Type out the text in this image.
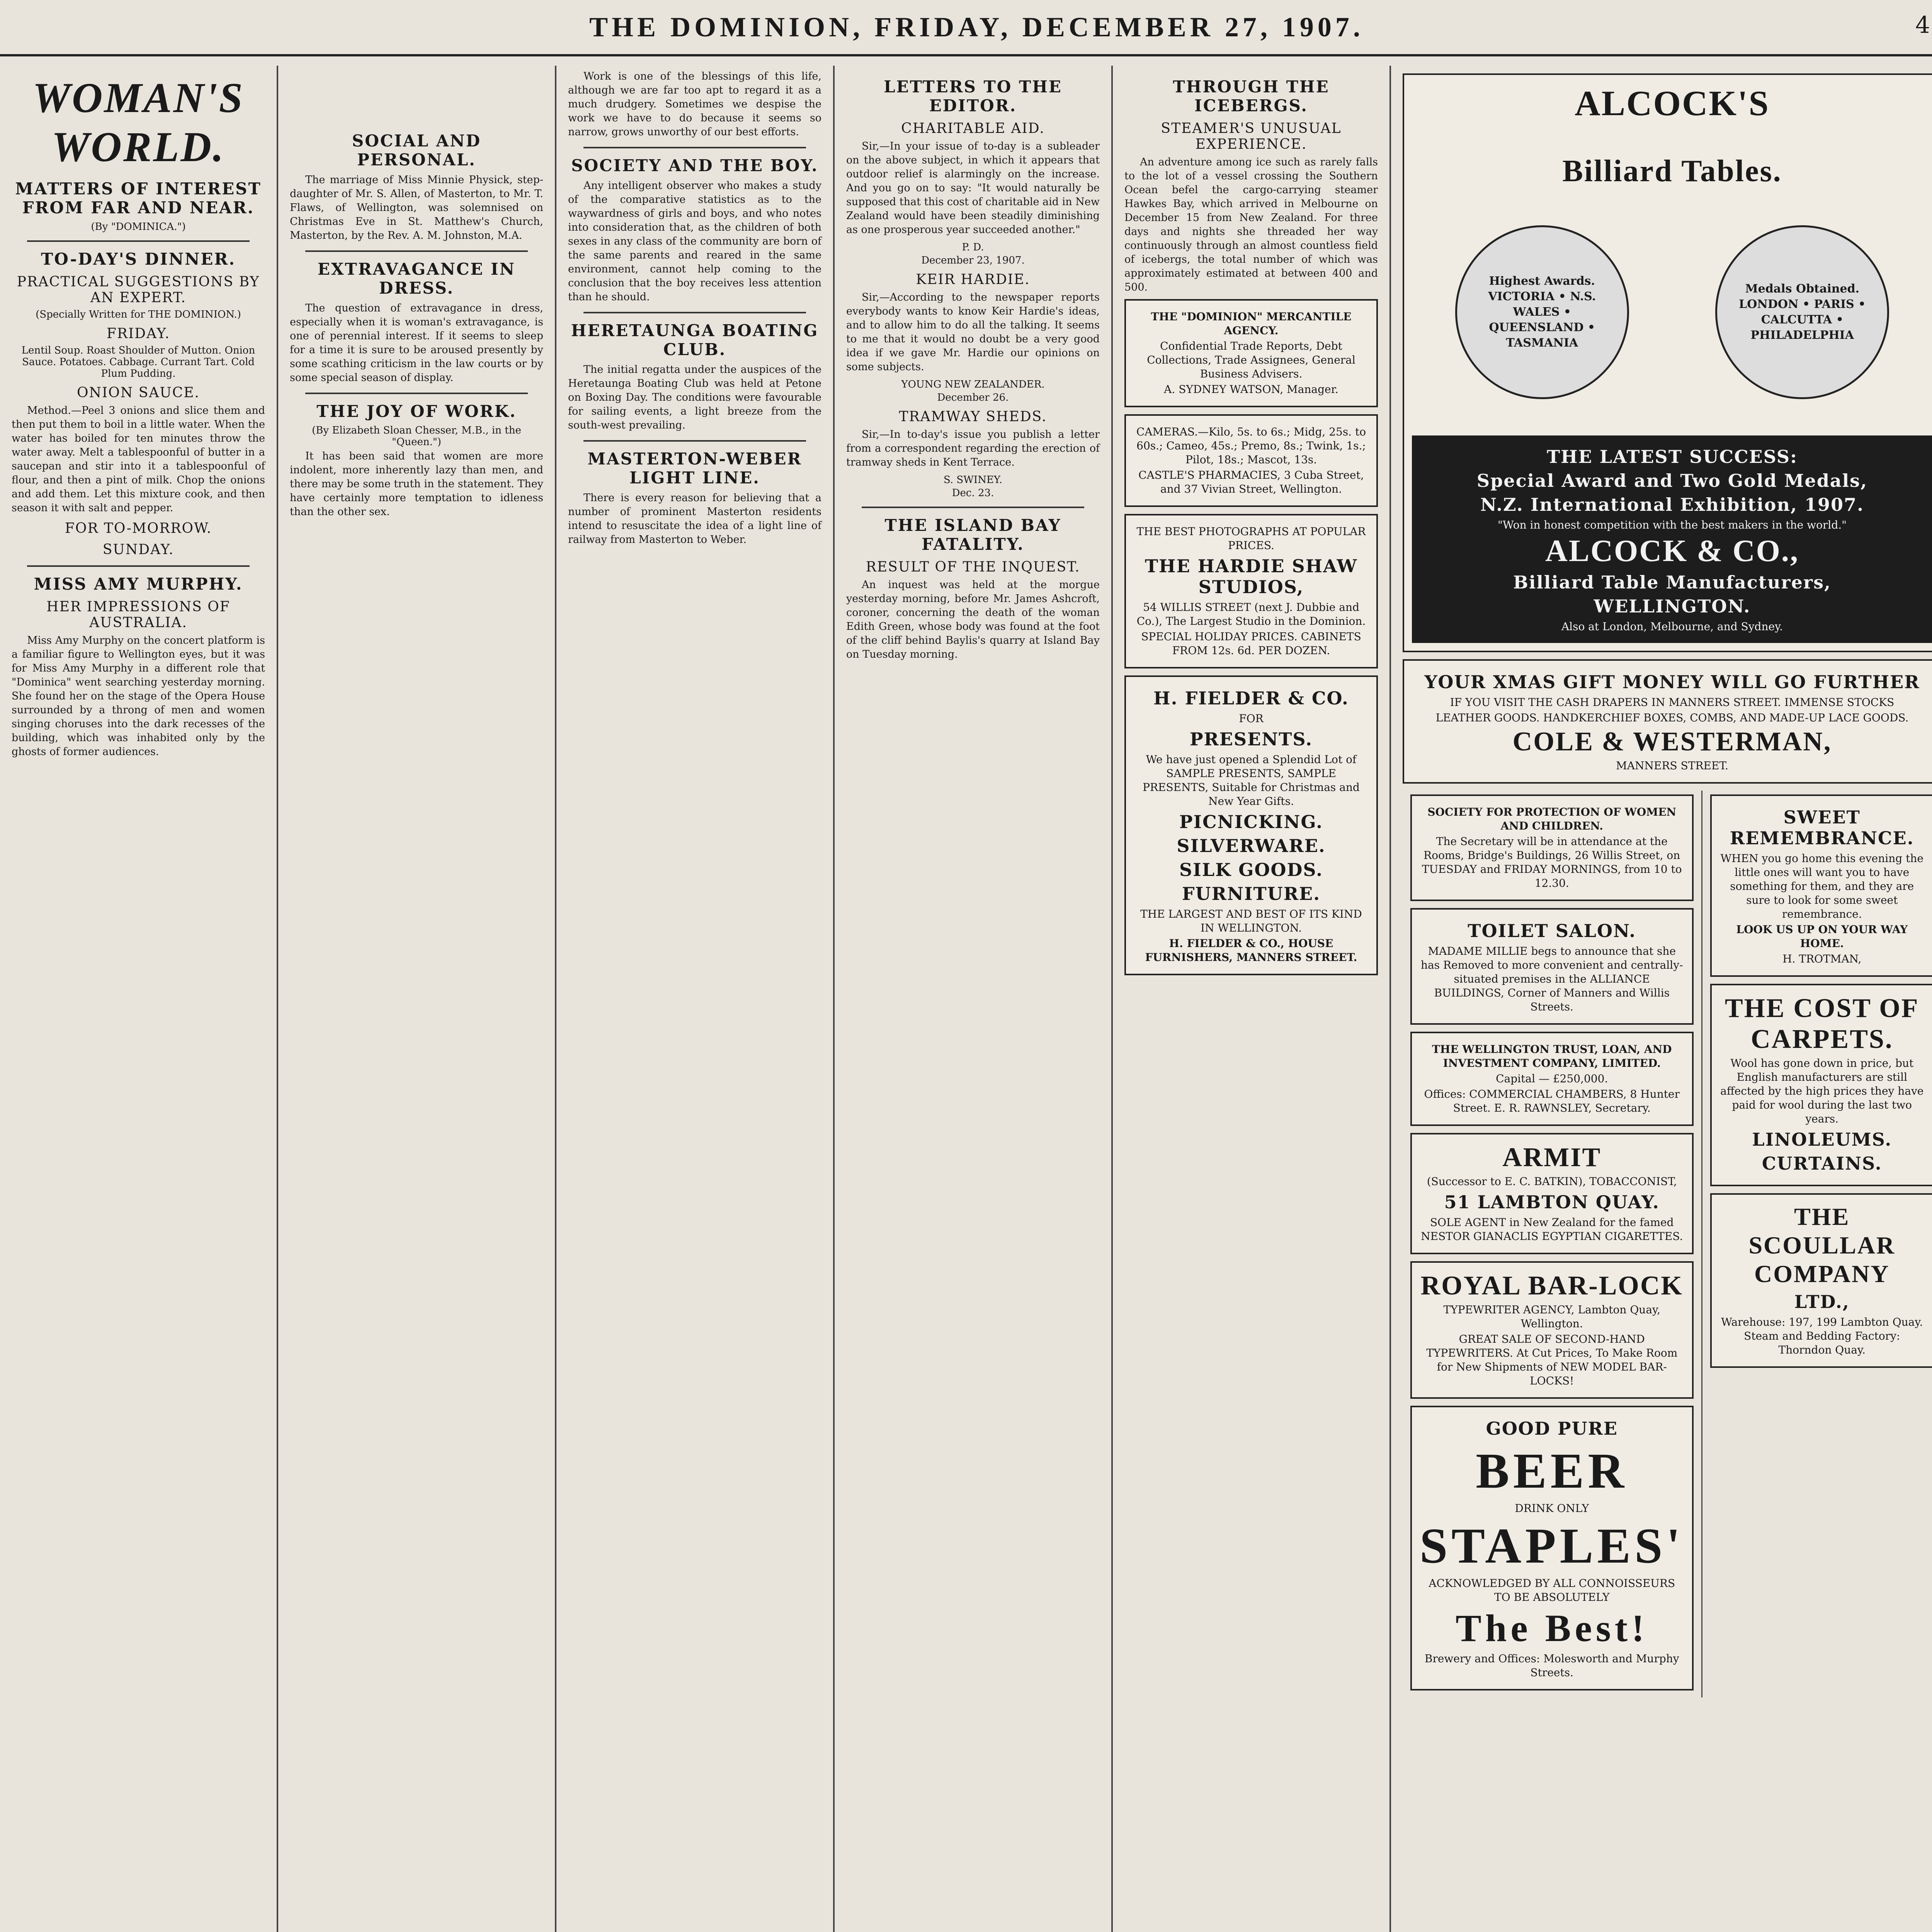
THE DOMINION, FRIDAY, DECEMBER 27, 1907.	4
WOMAN'S WORLD.
MATTERS OF INTEREST FROM FAR AND NEAR.
(By "DOMINICA.")
TO-DAY'S DINNER.
PRACTICAL SUGGESTIONS BY AN EXPERT.
(Specially Written for THE DOMINION.)
FRIDAY.
Lentil Soup. Roast Shoulder of Mutton. Onion Sauce. Potatoes. Cabbage. Currant Tart. Cold Plum Pudding.
ONION SAUCE.

Method.—Peel 3 onions and slice them and then put them to boil in a little water. When the water has boiled for ten minutes throw the water away. Melt a tablespoonful of butter in a saucepan and stir into it a tablespoonful of flour, and then a pint of milk. Chop the onions and add them. Let this mixture cook, and then season it with salt and pepper.

FOR TO-MORROW.
SUNDAY.
MISS AMY MURPHY.
HER IMPRESSIONS OF AUSTRALIA.

Miss Amy Murphy on the concert platform is a familiar figure to Wellington eyes, but it was for Miss Amy Murphy in a different role that "Dominica" went searching yesterday morning. She found her on the stage of the Opera House surrounded by a throng of men and women singing choruses into the dark recesses of the building, which was inhabited only by the ghosts of former audiences.

SOCIAL AND PERSONAL.

The marriage of Miss Minnie Physick, step-daughter of Mr. S. Allen, of Masterton, to Mr. T. Flaws, of Wellington, was solemnised on Christmas Eve in St. Matthew's Church, Masterton, by the Rev. A. M. Johnston, M.A.

EXTRAVAGANCE IN DRESS.

The question of extravagance in dress, especially when it is woman's extravagance, is one of perennial interest. If it seems to sleep for a time it is sure to be aroused presently by some scathing criticism in the law courts or by some special season of display.

THE JOY OF WORK.
(By Elizabeth Sloan Chesser, M.B., in the "Queen.")

It has been said that women are more indolent, more inherently lazy than men, and there may be some truth in the statement. They have certainly more temptation to idleness than the other sex.

Work is one of the blessings of this life, although we are far too apt to regard it as a much drudgery. Sometimes we despise the work we have to do because it seems so narrow, grows unworthy of our best efforts.

SOCIETY AND THE BOY.

Any intelligent observer who makes a study of the comparative statistics as to the waywardness of girls and boys, and who notes into consideration that, as the children of both sexes in any class of the community are born of the same parents and reared in the same environment, cannot help coming to the conclusion that the boy receives less attention than he should.

HERETAUNGA BOATING CLUB.

The initial regatta under the auspices of the Heretaunga Boating Club was held at Petone on Boxing Day. The conditions were favourable for sailing events, a light breeze from the south-west prevailing.

MASTERTON-WEBER LIGHT LINE.

There is every reason for believing that a number of prominent Masterton residents intend to resuscitate the idea of a light line of railway from Masterton to Weber.

LETTERS TO THE EDITOR.
CHARITABLE AID.

Sir,—In your issue of to-day is a subleader on the above subject, in which it appears that outdoor relief is alarmingly on the increase. And you go on to say: "It would naturally be supposed that this cost of charitable aid in New Zealand would have been steadily diminishing as one prosperous year succeeded another."

P. D.
December 23, 1907.
KEIR HARDIE.

Sir,—According to the newspaper reports everybody wants to know Keir Hardie's ideas, and to allow him to do all the talking. It seems to me that it would no doubt be a very good idea if we gave Mr. Hardie our opinions on some subjects.

YOUNG NEW ZEALANDER.
December 26.
TRAMWAY SHEDS.

Sir,—In to-day's issue you publish a letter from a correspondent regarding the erection of tramway sheds in Kent Terrace.

S. SWINEY.
Dec. 23.
THE ISLAND BAY FATALITY.
RESULT OF THE INQUEST.

An inquest was held at the morgue yesterday morning, before Mr. James Ashcroft, coroner, concerning the death of the woman Edith Green, whose body was found at the foot of the cliff behind Baylis's quarry at Island Bay on Tuesday morning.

THROUGH THE ICEBERGS.
STEAMER'S UNUSUAL EXPERIENCE.

An adventure among ice such as rarely falls to the lot of a vessel crossing the Southern Ocean befel the cargo-carrying steamer Hawkes Bay, which arrived in Melbourne on December 15 from New Zealand. For three days and nights she threaded her way continuously through an almost countless field of icebergs, the total number of which was approximately estimated at between 400 and 500.

THE "DOMINION" MERCANTILE AGENCY.
Confidential Trade Reports, Debt Collections, Trade Assignees, General Business Advisers.
A. SYDNEY WATSON, Manager.
CAMERAS.—Kilo, 5s. to 6s.; Midg, 25s. to 60s.; Cameo, 45s.; Premo, 8s.; Twink, 1s.; Pilot, 18s.; Mascot, 13s.
CASTLE'S PHARMACIES, 3 Cuba Street, and 37 Vivian Street, Wellington.
THE BEST PHOTOGRAPHS AT POPULAR PRICES.
THE HARDIE SHAW STUDIOS,
54 WILLIS STREET (next J. Dubbie and Co.), The Largest Studio in the Dominion.
SPECIAL HOLIDAY PRICES. CABINETS FROM 12s. 6d. PER DOZEN.
H. FIELDER & CO.
FOR
PRESENTS.
We have just opened a Splendid Lot of SAMPLE PRESENTS, SAMPLE PRESENTS, Suitable for Christmas and New Year Gifts.
PICNICKING.
SILVERWARE.
SILK GOODS.
FURNITURE.
THE LARGEST AND BEST OF ITS KIND IN WELLINGTON.
H. FIELDER & CO., HOUSE FURNISHERS, MANNERS STREET.
ALCOCK'S
Billiard Tables.
Highest Awards.
VICTORIA • N.S. WALES • QUEENSLAND • TASMANIA
Medals Obtained.
LONDON • PARIS • CALCUTTA • PHILADELPHIA
THE LATEST SUCCESS:
Special Award and Two Gold Medals,
N.Z. International Exhibition, 1907.
"Won in honest competition with the best makers in the world."
ALCOCK & CO.,
Billiard Table Manufacturers,
WELLINGTON.
Also at London, Melbourne, and Sydney.
YOUR XMAS GIFT MONEY WILL GO FURTHER
IF YOU VISIT THE CASH DRAPERS IN MANNERS STREET. IMMENSE STOCKS
LEATHER GOODS. HANDKERCHIEF BOXES, COMBS, AND MADE-UP LACE GOODS.
COLE & WESTERMAN,
MANNERS STREET.
SOCIETY FOR PROTECTION OF WOMEN AND CHILDREN.
The Secretary will be in attendance at the Rooms, Bridge's Buildings, 26 Willis Street, on TUESDAY and FRIDAY MORNINGS, from 10 to 12.30.
TOILET SALON.
MADAME MILLIE begs to announce that she has Removed to more convenient and centrally-situated premises in the ALLIANCE BUILDINGS, Corner of Manners and Willis Streets.
THE WELLINGTON TRUST, LOAN, AND INVESTMENT COMPANY, LIMITED.
Capital — £250,000.
Offices: COMMERCIAL CHAMBERS, 8 Hunter Street. E. R. RAWNSLEY, Secretary.
ARMIT
(Successor to E. C. BATKIN), TOBACCONIST,
51 LAMBTON QUAY.
SOLE AGENT in New Zealand for the famed NESTOR GIANACLIS EGYPTIAN CIGARETTES.
ROYAL BAR-LOCK
TYPEWRITER AGENCY, Lambton Quay, Wellington.
GREAT SALE OF SECOND-HAND TYPEWRITERS. At Cut Prices, To Make Room for New Shipments of NEW MODEL BAR-LOCKS!
GOOD PURE
BEER
DRINK ONLY
STAPLES'
ACKNOWLEDGED BY ALL CONNOISSEURS TO BE ABSOLUTELY
The Best!
Brewery and Offices: Molesworth and Murphy Streets.
SWEET REMEMBRANCE.
WHEN you go home this evening the little ones will want you to have something for them, and they are sure to look for some sweet remembrance.
LOOK US UP ON YOUR WAY HOME.
H. TROTMAN,
THE COST OF CARPETS.
Wool has gone down in price, but English manufacturers are still affected by the high prices they have paid for wool during the last two years.
LINOLEUMS.
CURTAINS.
THE SCOULLAR COMPANY
LTD.,
Warehouse: 197, 199 Lambton Quay. Steam and Bedding Factory: Thorndon Quay.
